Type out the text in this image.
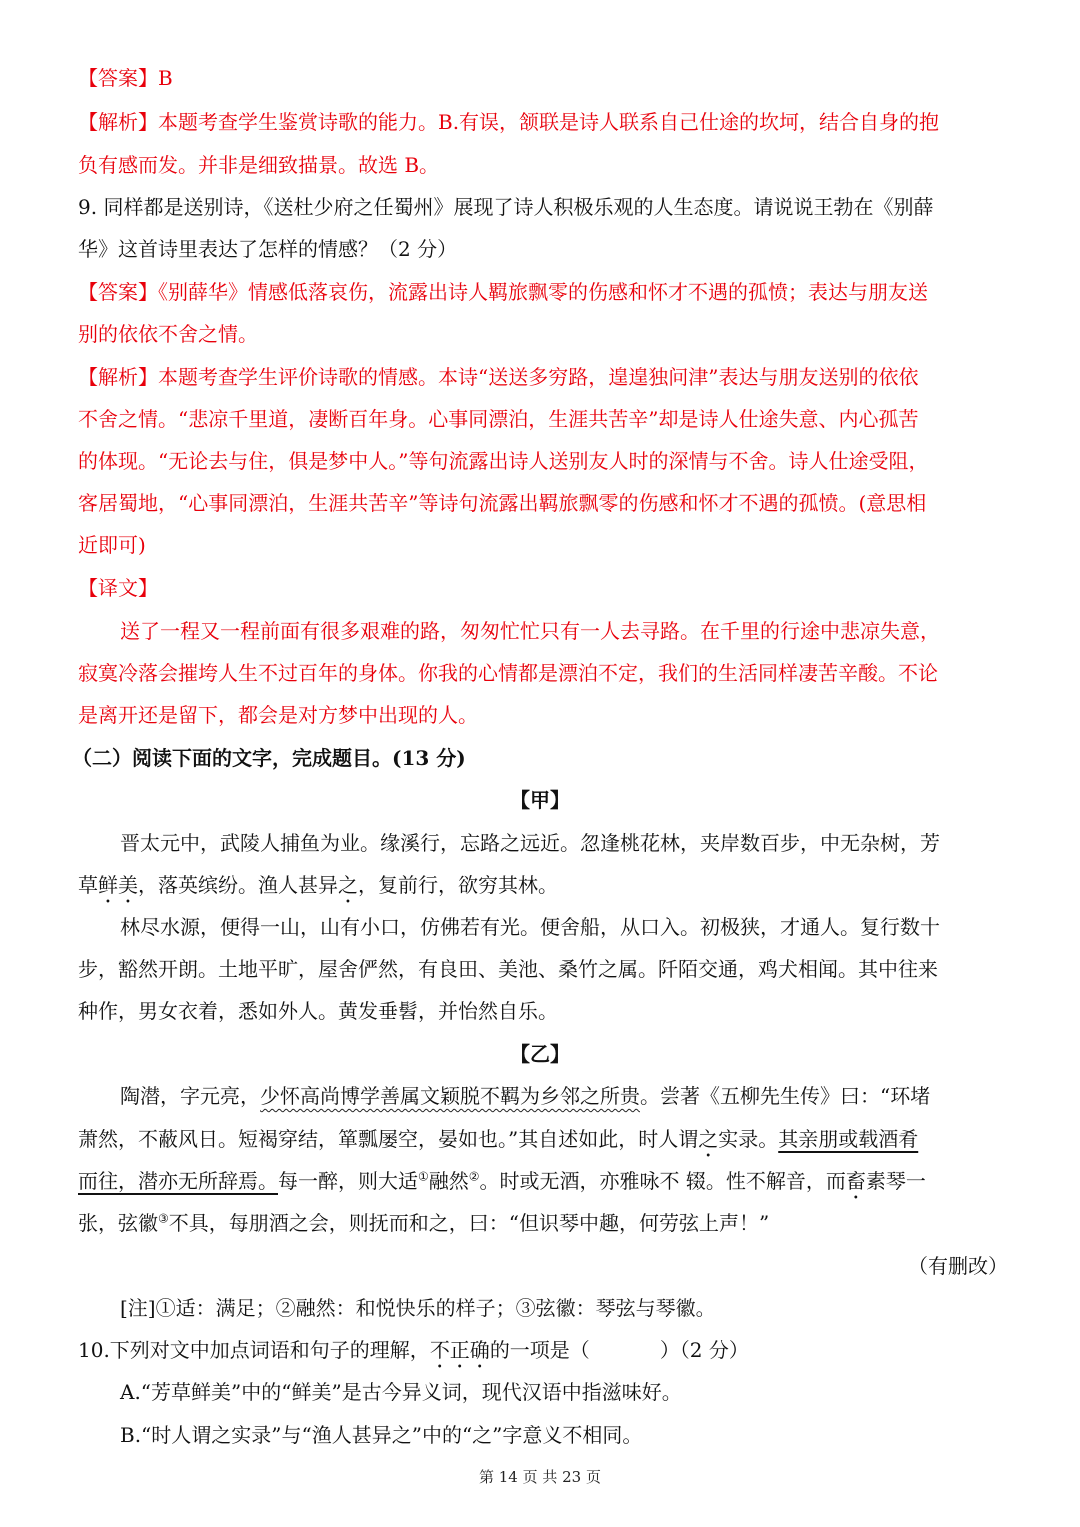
【答案】B
【解析】本题考查学生鉴赏诗歌的能力。B.有误，颔联是诗人联系自己仕途的坎坷，结合自身的抱
负有感而发。并非是细致描景。故选 B。
9. 同样都是送别诗，《送杜少府之任蜀州》展现了诗人积极乐观的人生态度。请说说王勃在《别薛
华》这首诗里表达了怎样的情感？（2 分）
【答案】《别薛华》情感低落哀伤，流露出诗人羁旅飘零的伤感和怀才不遇的孤愤；表达与朋友送
别的依依不舍之情。
【解析】本题考查学生评价诗歌的情感。本诗“送送多穷路，遑遑独问津”表达与朋友送别的依依
不舍之情。“悲凉千里道，凄断百年身。心事同漂泊，生涯共苦辛”却是诗人仕途失意、内心孤苦
的体现。“无论去与住，俱是梦中人。”等句流露出诗人送别友人时的深情与不舍。诗人仕途受阻，
客居蜀地，“心事同漂泊，生涯共苦辛”等诗句流露出羁旅飘零的伤感和怀才不遇的孤愤。(意思相
近即可)
【译文】
送了一程又一程前面有很多艰难的路，匆匆忙忙只有一人去寻路。在千里的行途中悲凉失意，
寂寞冷落会摧垮人生不过百年的身体。你我的心情都是漂泊不定，我们的生活同样凄苦辛酸。不论
是离开还是留下，都会是对方梦中出现的人。
（二）阅读下面的文字，完成题目。(13 分)
【甲】
晋太元中，武陵人捕鱼为业。缘溪行，忘路之远近。忽逢桃花林，夹岸数百步，中无杂树，芳
草鲜美，落英缤纷。渔人甚异之，复前行，欲穷其林。
林尽水源，便得一山，山有小口，仿佛若有光。便舍船，从口入。初极狭，才通人。复行数十
步，豁然开朗。土地平旷，屋舍俨然，有良田、美池、桑竹之属。阡陌交通，鸡犬相闻。其中往来
种作，男女衣着，悉如外人。黄发垂髫，并怡然自乐。
【乙】
陶潜，字元亮，少怀高尚博学善属文颖脱不羁为乡邻之所贵。尝著《五柳先生传》曰：“环堵
萧然，不蔽风日。短褐穿结，箪瓢屡空，晏如也。”其自述如此，时人谓之实录。其亲朋或载酒肴
而往，潜亦无所辞焉。每一醉，则大适①融然②。时或无酒，亦雅咏不 辍。性不解音，而畜素琴一
张，弦徽③不具，每朋酒之会，则抚而和之，曰：“但识琴中趣，何劳弦上声！”
（有删改）
[注]①适：满足；②融然：和悦快乐的样子；③弦徽：琴弦与琴徽。
10.下列对文中加点词语和句子的理解，不正确的一项是（	）（2 分）
A.“芳草鲜美”中的“鲜美”是古今异义词，现代汉语中指滋味好。
B.“时人谓之实录”与“渔人甚异之”中的“之”字意义不相同。
第 14 页 共 23 页
